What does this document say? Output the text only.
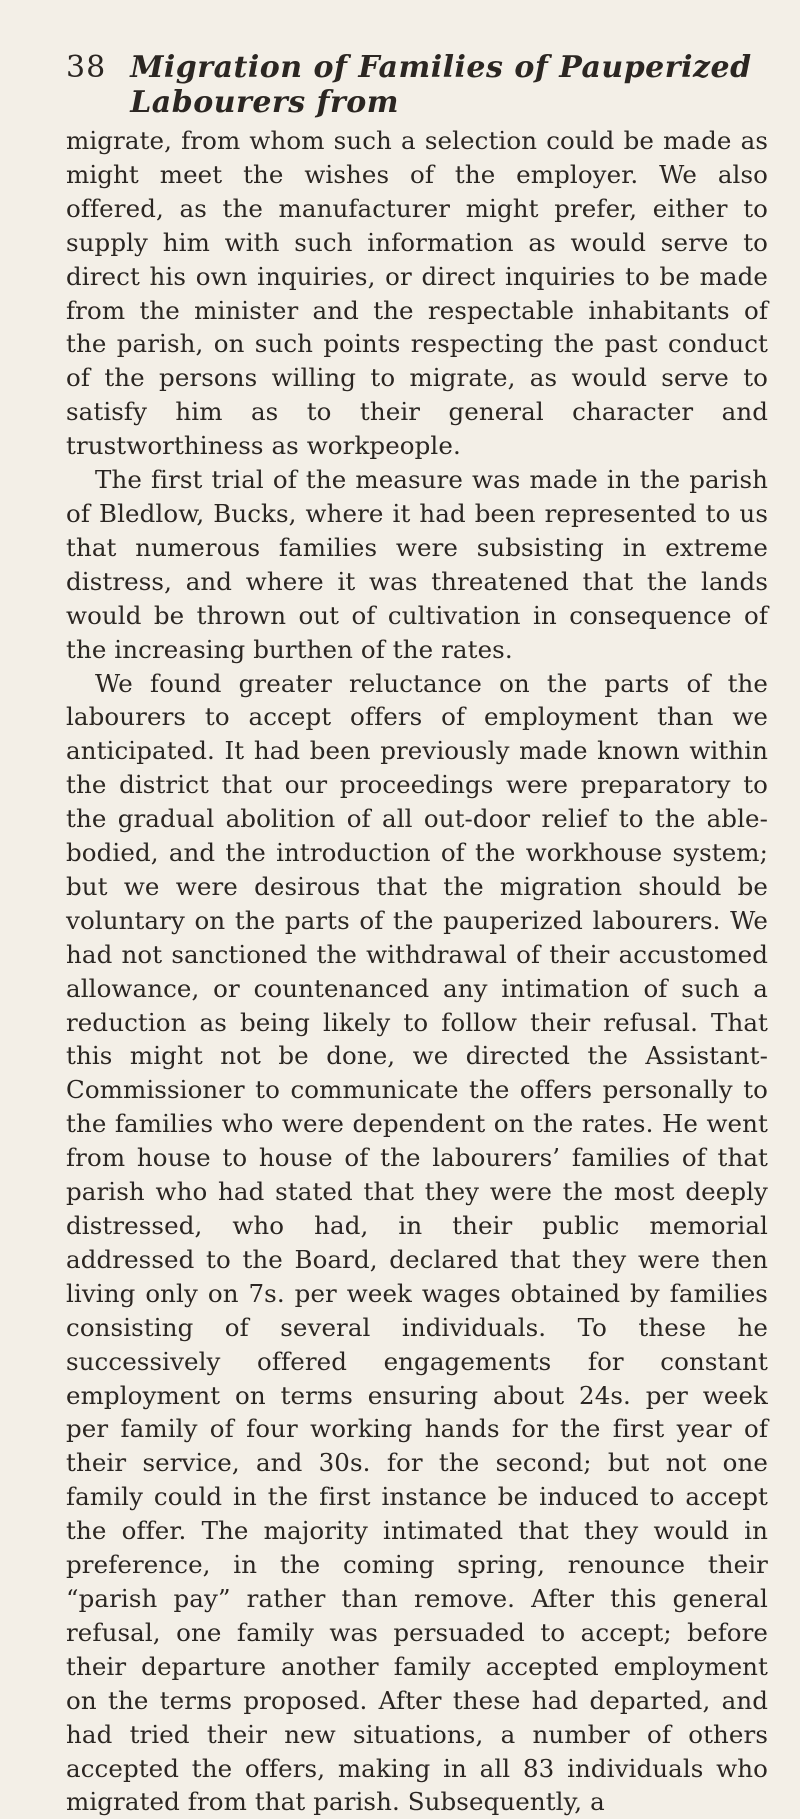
38 Migration of Families of Pauperized Labourers from

migrate, from whom such a selection could be made as might meet the wishes of the employer. We also offered, as the manufacturer might prefer, either to supply him with such information as would serve to direct his own inquiries, or direct inquiries to be made from the minister and the respectable inhabitants of the parish, on such points respecting the past conduct of the persons willing to migrate, as would serve to satisfy him as to their general character and trustworthiness as workpeople.

The first trial of the measure was made in the parish of Bledlow, Bucks, where it had been represented to us that numerous families were subsisting in extreme distress, and where it was threatened that the lands would be thrown out of cultivation in consequence of the increasing burthen of the rates.

We found greater reluctance on the parts of the labourers to accept offers of employment than we anticipated. It had been previously made known within the district that our proceedings were preparatory to the gradual abolition of all out-door relief to the able-bodied, and the introduction of the workhouse system; but we were desirous that the migration should be voluntary on the parts of the pauperized labourers. We had not sanctioned the withdrawal of their accustomed allowance, or countenanced any intimation of such a reduction as being likely to follow their refusal. That this might not be done, we directed the Assistant-Commissioner to communicate the offers personally to the families who were dependent on the rates. He went from house to house of the labourers’ families of that parish who had stated that they were the most deeply distressed, who had, in their public memorial addressed to the Board, declared that they were then living only on 7s. per week wages obtained by families consisting of several individuals. To these he successively offered engagements for constant employment on terms ensuring about 24s. per week per family of four working hands for the first year of their service, and 30s. for the second; but not one family could in the first instance be induced to accept the offer. The majority intimated that they would in preference, in the coming spring, renounce their “parish pay” rather than remove. After this general refusal, one family was persuaded to accept; before their departure another family accepted employment on the terms proposed. After these had departed, and had tried their new situations, a number of others accepted the offers, making in all 83 individuals who migrated from that parish. Subsequently, a
